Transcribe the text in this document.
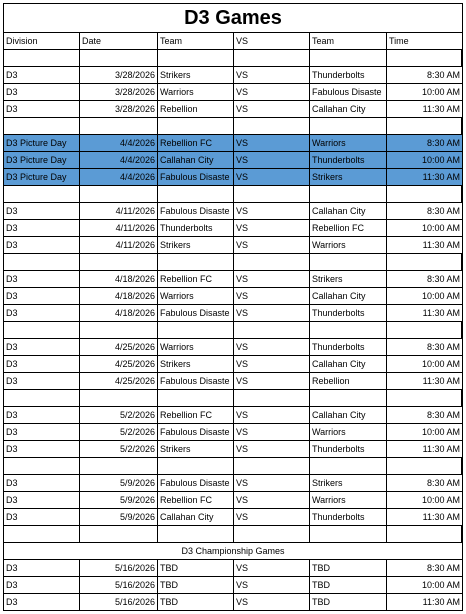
D3 Games
Division	Date	Team	VS	Team	Time
D3	3/28/2026 Strikers	VS	Thunderbolts	8:30 AM
D3	3/28/2026 Warriors	VS	Fabulous Disaste	10:00 AM
D3	3/28/2026 Rebellion	VS	Callahan City	11:30 AM
D3 Picture Day	4/4/2026 Rebellion FC	VS	Warriors	8:30 AM
D3 Picture Day	4/4/2026 Callahan City	VS	Thunderbolts	10:00 AM
D3 Picture Day	4/4/2026 Fabulous Disaste VS	Strikers	11:30 AM
D3	4/11/2026 Fabulous Disaste VS	Callahan City	8:30 AM
D3	4/11/2026 Thunderbolts	VS	Rebellion FC	10:00 AM
D3	4/11/2026 Strikers	VS	Warriors	11:30 AM
D3	4/18/2026 Rebellion FC	VS	Strikers	8:30 AM
D3	4/18/2026 Warriors	VS	Callahan City	10:00 AM
D3	4/18/2026 Fabulous Disaste VS	Thunderbolts	11:30 AM
D3	4/25/2026 Warriors	VS	Thunderbolts	8:30 AM
D3	4/25/2026 Strikers	VS	Callahan City	10:00 AM
D3	4/25/2026 Fabulous Disaste VS	Rebellion	11:30 AM
D3	5/2/2026 Rebellion FC	VS	Callahan City	8:30 AM
D3	5/2/2026 Fabulous Disaste VS	Warriors	10:00 AM
D3	5/2/2026 Strikers	VS	Thunderbolts	11:30 AM
D3	5/9/2026 Fabulous Disaste VS	Strikers	8:30 AM
D3	5/9/2026 Rebellion FC	VS	Warriors	10:00 AM
D3	5/9/2026 Callahan City	VS	Thunderbolts	11:30 AM
D3 Championship Games
D3	5/16/2026 TBD	VS	TBD	8:30 AM
D3	5/16/2026 TBD	VS	TBD	10:00 AM
D3	5/16/2026 TBD	VS	TBD	11:30 AM
